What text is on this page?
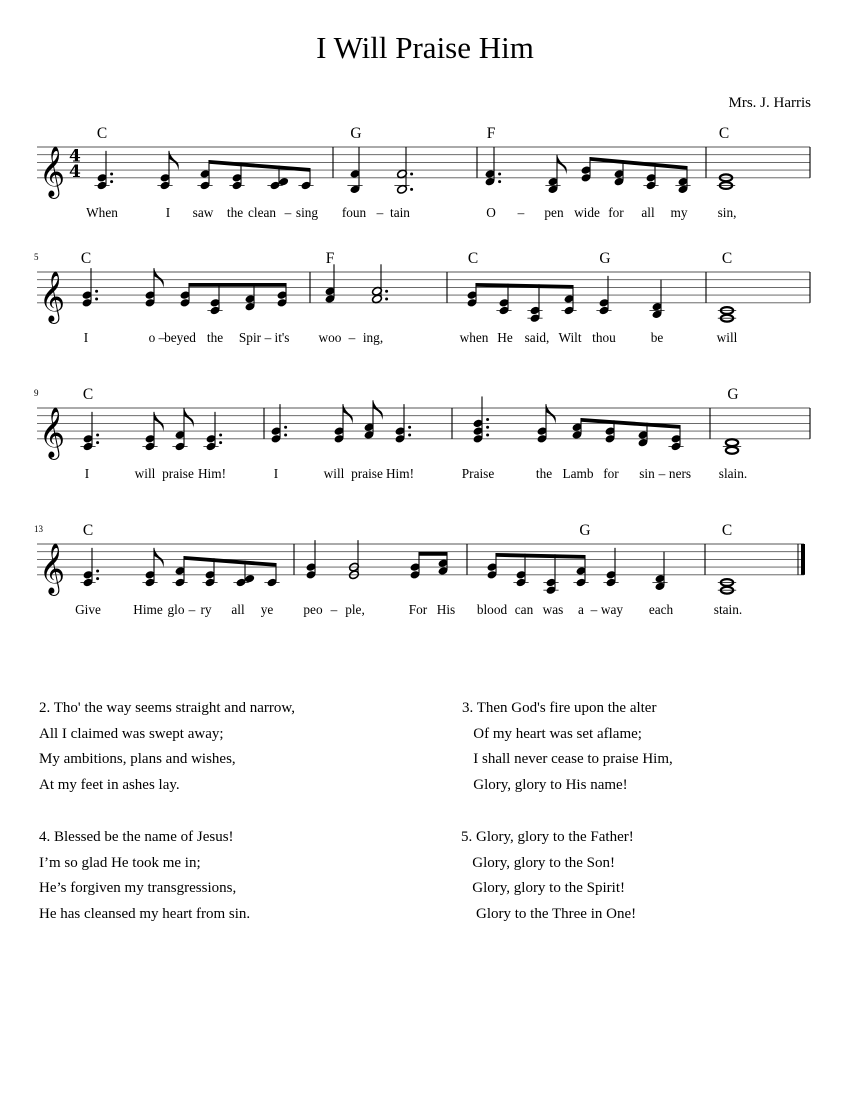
I Will Praise Him
Mrs. J. Harris
𝄞 4
4
C	G	F	C
When	I saw the clean – sing foun – tain	O – pen wide for all my sin,
𝄞
5	C	F	C	G	C
I	o –
beyed the Spir – it's woo – ing,	when He said, Wilt thou	be	will
𝄞
9	C	G
I	will praise Him!	I	will praise Him!	Praise	the Lamb for sin – ners slain.
𝄞
13	C	G	C
Give Hime glo – ry all ye peo – ple,	For His blood can was a – way each	stain.
2. Tho' the way seems straight and narrow,
All I claimed was swept away;
My ambitions, plans and wishes,
At my feet in ashes lay.
3. Then God's fire upon the alter
Of my heart was set aflame;
I shall never cease to praise Him,
Glory, glory to His name!
4. Blessed be the name of Jesus!
I’m so glad He took me in;
He’s forgiven my transgressions,
He has cleansed my heart from sin.
5. Glory, glory to the Father!
Glory, glory to the Son!
Glory, glory to the Spirit!
Glory to the Three in One!
